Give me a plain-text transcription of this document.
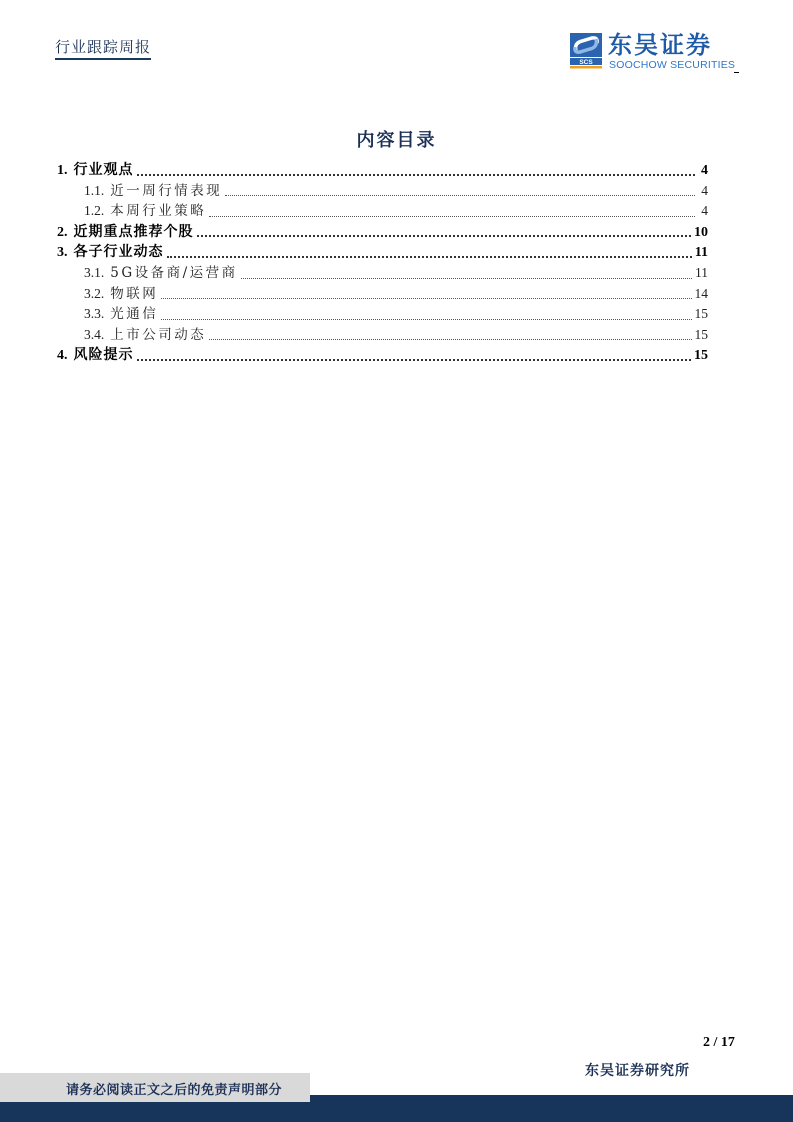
行业跟踪周报
SCS
东吴证券
SOOCHOW SECURITIES
内容目录
1. 行业观点	4
1.1. 近一周行情表现	4
1.2. 本周行业策略	4
2. 近期重点推荐个股	10
3. 各子行业动态	11
3.1. 5G设备商/运营商	11
3.2. 物联网	14
3.3. 光通信	15
3.4. 上市公司动态	15
4. 风险提示	15
2 / 17
东吴证券研究所
请务必阅读正文之后的免责声明部分
